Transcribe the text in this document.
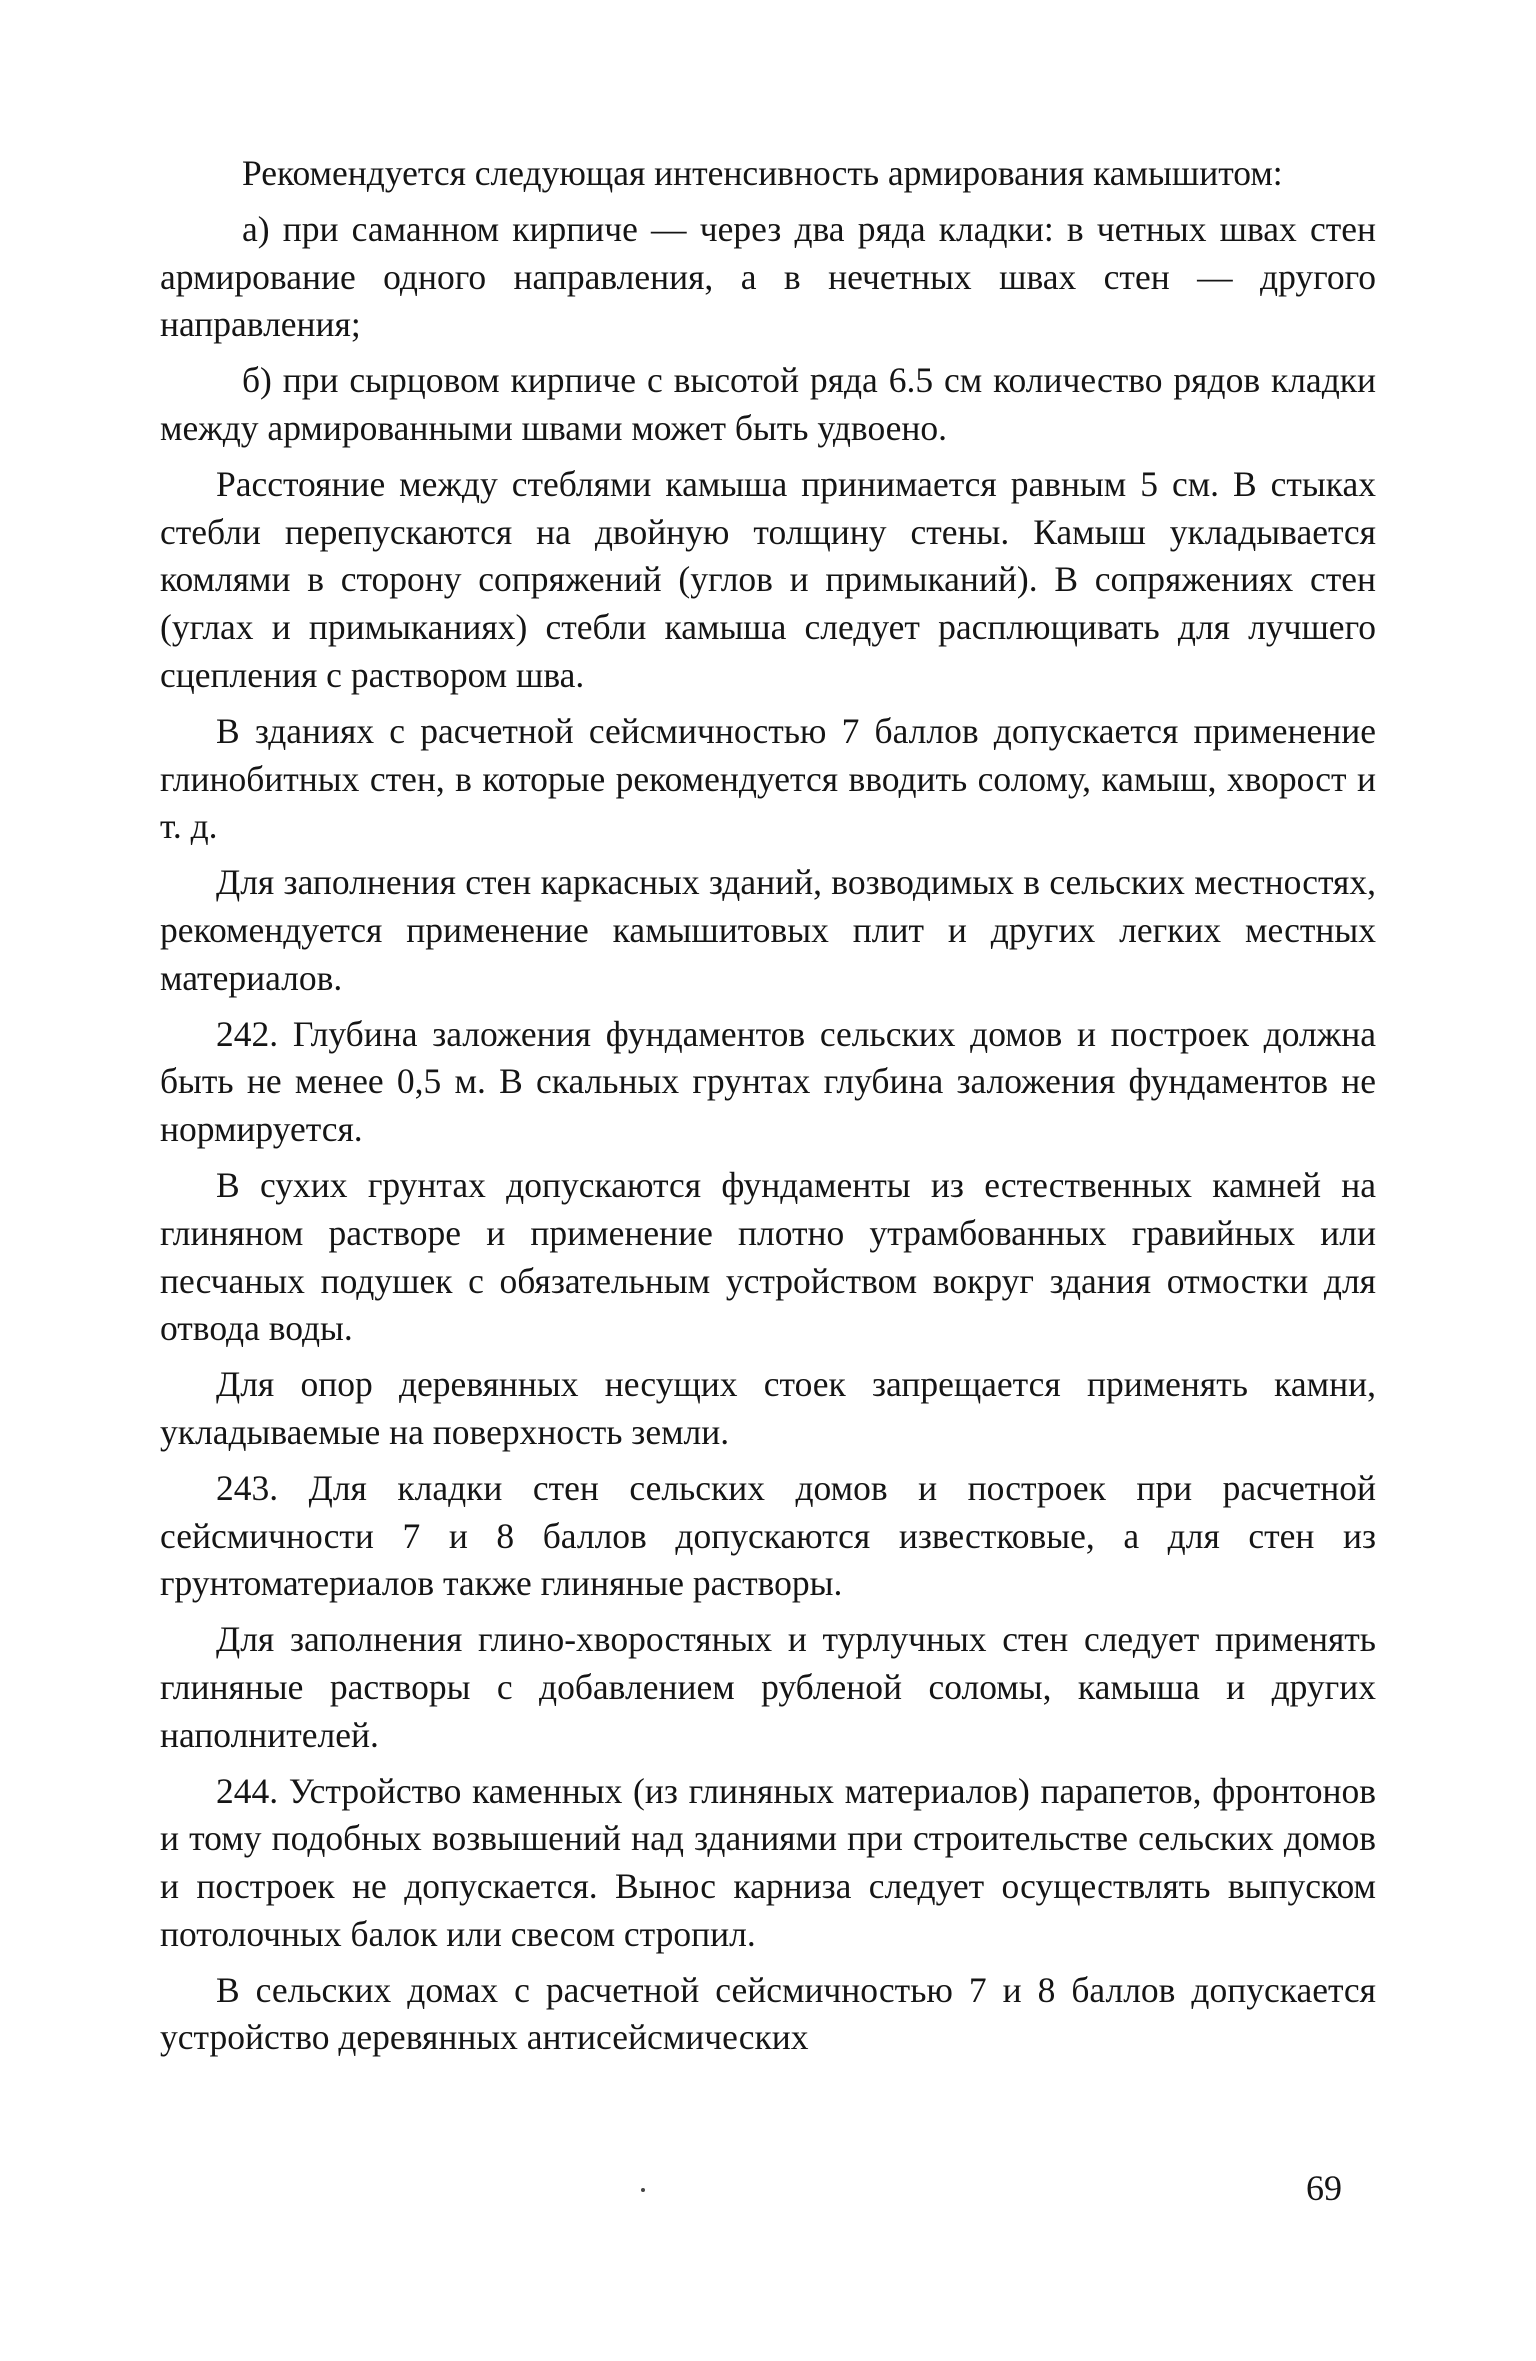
Рекомендуется следующая интенсивность армирования камышитом:

а) при саманном кирпиче — через два ряда кладки: в четных швах стен армирование одного направления, а в нечетных швах стен — другого направления;

б) при сырцовом кирпиче с высотой ряда 6.5 см количество рядов кладки между армированными швами может быть удвоено.

Расстояние между стеблями камыша принимается равным 5 см. В стыках стебли перепускаются на двойную толщину стены. Камыш укладывается комлями в сторону сопряжений (углов и примыканий). В сопряжениях стен (углах и примыканиях) стебли камыша следует расплющивать для лучшего сцепления с раствором шва.

В зданиях с расчетной сейсмичностью 7 баллов допускается применение глинобитных стен, в которые рекомендуется вводить солому, камыш, хворост и т. д.

Для заполнения стен каркасных зданий, возводимых в сельских местностях, рекомендуется применение камышитовых плит и других легких местных материалов.

242. Глубина заложения фундаментов сельских домов и построек должна быть не менее 0,5 м. В скальных грунтах глубина заложения фундаментов не нормируется.

В сухих грунтах допускаются фундаменты из естественных камней на глиняном растворе и применение плотно утрамбованных гравийных или песчаных подушек с обязательным устройством вокруг здания отмостки для отвода воды.

Для опор деревянных несущих стоек запрещается применять камни, укладываемые на поверхность земли.

243. Для кладки стен сельских домов и построек при расчетной сейсмичности 7 и 8 баллов допускаются известковые, а для стен из грунтоматериалов также глиняные растворы.

Для заполнения глино-хворостяных и турлучных стен следует применять глиняные растворы с добавлением рубленой соломы, камыша и других наполнителей.

244. Устройство каменных (из глиняных материалов) парапетов, фронтонов и тому подобных возвышений над зданиями при строительстве сельских домов и построек не допускается. Вынос карниза следует осуществлять выпуском потолочных балок или свесом стропил.

В сельских домах с расчетной сейсмичностью 7 и 8 баллов допускается устройство деревянных антисейсмических

69
